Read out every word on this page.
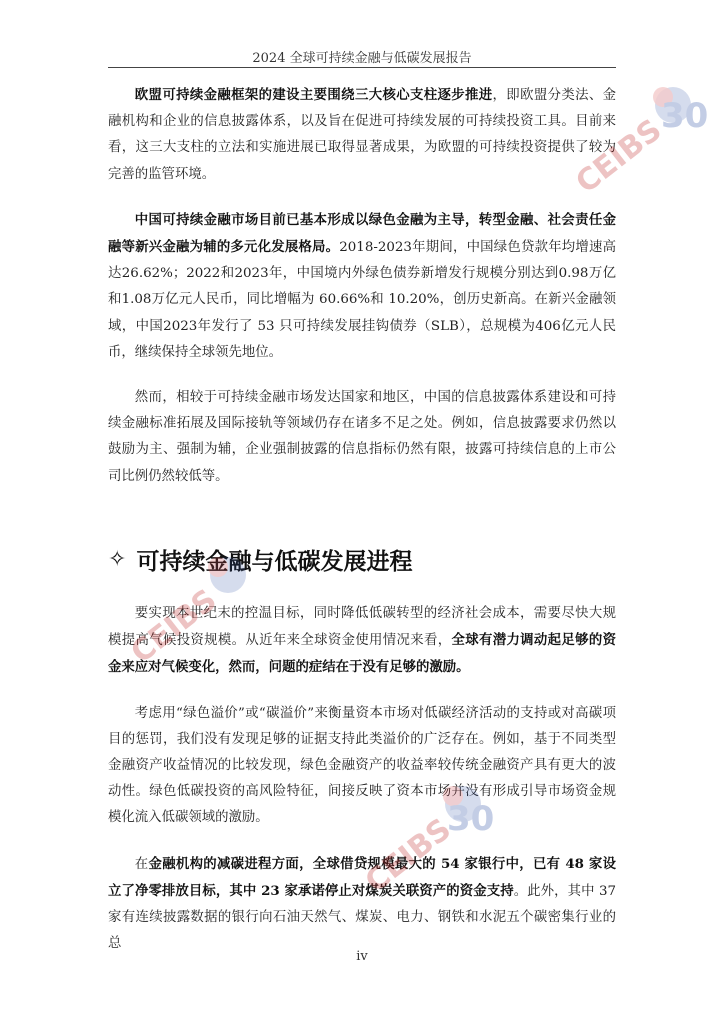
2024 全球可持续金融与低碳发展报告

欧盟可持续金融框架的建设主要围绕三大核心支柱逐步推进，即欧盟分类法、金融机构和企业的信息披露体系，以及旨在促进可持续发展的可持续投资工具。目前来看，这三大支柱的立法和实施进展已取得显著成果，为欧盟的可持续投资提供了较为完善的监管环境。

中国可持续金融市场目前已基本形成以绿色金融为主导，转型金融、社会责任金融等新兴金融为辅的多元化发展格局。2018-2023年期间，中国绿色贷款年均增速高达26.62%；2022和2023年，中国境内外绿色债券新增发行规模分别达到0.98万亿和1.08万亿元人民币，同比增幅为 60.66%和 10.20%，创历史新高。在新兴金融领域，中国2023年发行了 53 只可持续发展挂钩债券（SLB），总规模为406亿元人民币，继续保持全球领先地位。

然而，相较于可持续金融市场发达国家和地区，中国的信息披露体系建设和可持续金融标准拓展及国际接轨等领域仍存在诸多不足之处。例如，信息披露要求仍然以鼓励为主、强制为辅，企业强制披露的信息指标仍然有限，披露可持续信息的上市公司比例仍然较低等。

✧ 可持续金融与低碳发展进程

要实现本世纪末的控温目标，同时降低低碳转型的经济社会成本，需要尽快大规模提高气候投资规模。从近年来全球资金使用情况来看，全球有潜力调动起足够的资金来应对气候变化，然而，问题的症结在于没有足够的激励。

考虑用“绿色溢价”或“碳溢价”来衡量资本市场对低碳经济活动的支持或对高碳项目的惩罚，我们没有发现足够的证据支持此类溢价的广泛存在。例如，基于不同类型金融资产收益情况的比较发现，绿色金融资产的收益率较传统金融资产具有更大的波动性。绿色低碳投资的高风险特征，间接反映了资本市场并没有形成引导市场资金规模化流入低碳领域的激励。

在金融机构的减碳进程方面，全球借贷规模最大的 54 家银行中，已有 48 家设立了净零排放目标，其中 23 家承诺停止对煤炭关联资产的资金支持。此外，其中 37 家有连续披露数据的银行向石油天然气、煤炭、电力、钢铁和水泥五个碳密集行业的总

iv
CEIBS
30
CEIBS
CEIBS
30
